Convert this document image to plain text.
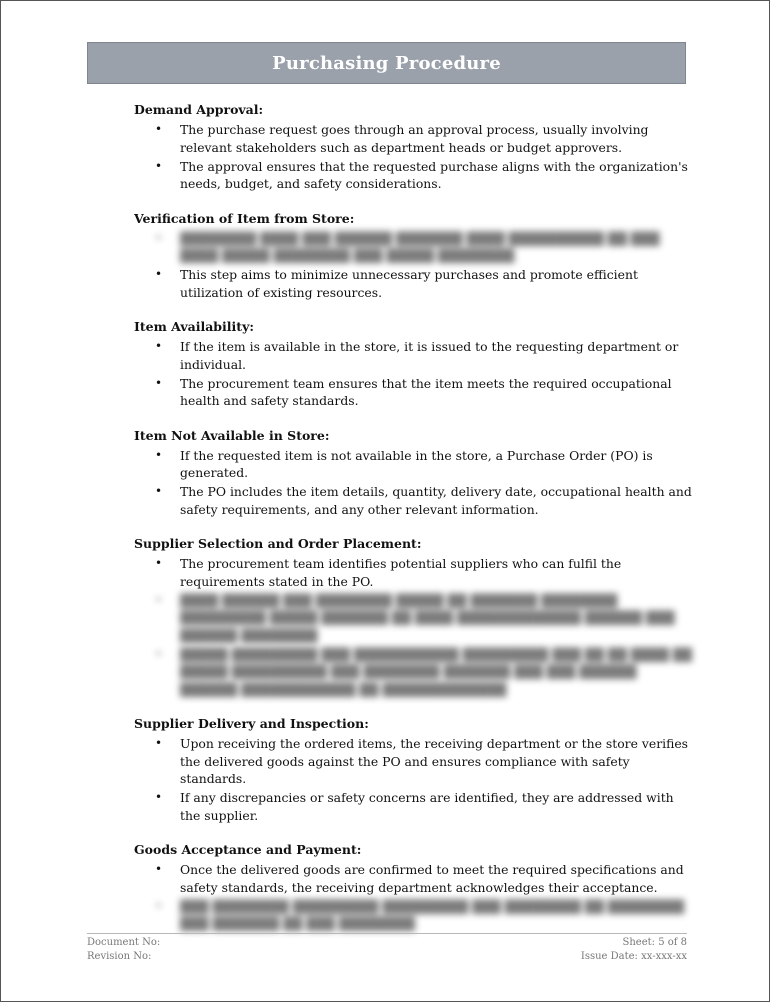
Purchasing Procedure
Demand Approval:
• The purchase request goes through an approval process, usually involving relevant stakeholders such as department heads or budget approvers.
• The approval ensures that the requested purchase aligns with the organization's needs, budget, and safety considerations.
Verification of Item from Store:
• ████████ ████ ███ ██████ ███████ ████ ██████████ ██ ███ ████ █████ ████████ ███ █████ ████████
• This step aims to minimize unnecessary purchases and promote efficient utilization of existing resources.
Item Availability:
• If the item is available in the store, it is issued to the requesting department or individual.
• The procurement team ensures that the item meets the required occupational health and safety standards.
Item Not Available in Store:
• If the requested item is not available in the store, a Purchase Order (PO) is generated.
• The PO includes the item details, quantity, delivery date, occupational health and safety requirements, and any other relevant information.
Supplier Selection and Order Placement:
• The procurement team identifies potential suppliers who can fulfil the requirements stated in the PO.
• ████ ██████ ███ ████████ █████ ██ ███████ ████████ █████████ █████ ███████ ██ ████ █████████████ ██████ ███ ██████ ████████
• █████ █████████ ███ ███████████ █████████ ███ ██ ██ ████ ██ █████ ██████████ ███ ████████ ███████ ███ ███ ██████ ██████ ████████████ ██ █████████████
Supplier Delivery and Inspection:
• Upon receiving the ordered items, the receiving department or the store verifies the delivered goods against the PO and ensures compliance with safety standards.
• If any discrepancies or safety concerns are identified, they are addressed with the supplier.
Goods Acceptance and Payment:
• Once the delivered goods are confirmed to meet the required specifications and safety standards, the receiving department acknowledges their acceptance.
• ███ ████████ █████████ █████████ ███ ████████ ██ ████████ ███ ███████ ██ ███ ████████
Document No:	Sheet: 5 of 8
Revision No:	Issue Date: xx-xxx-xx
